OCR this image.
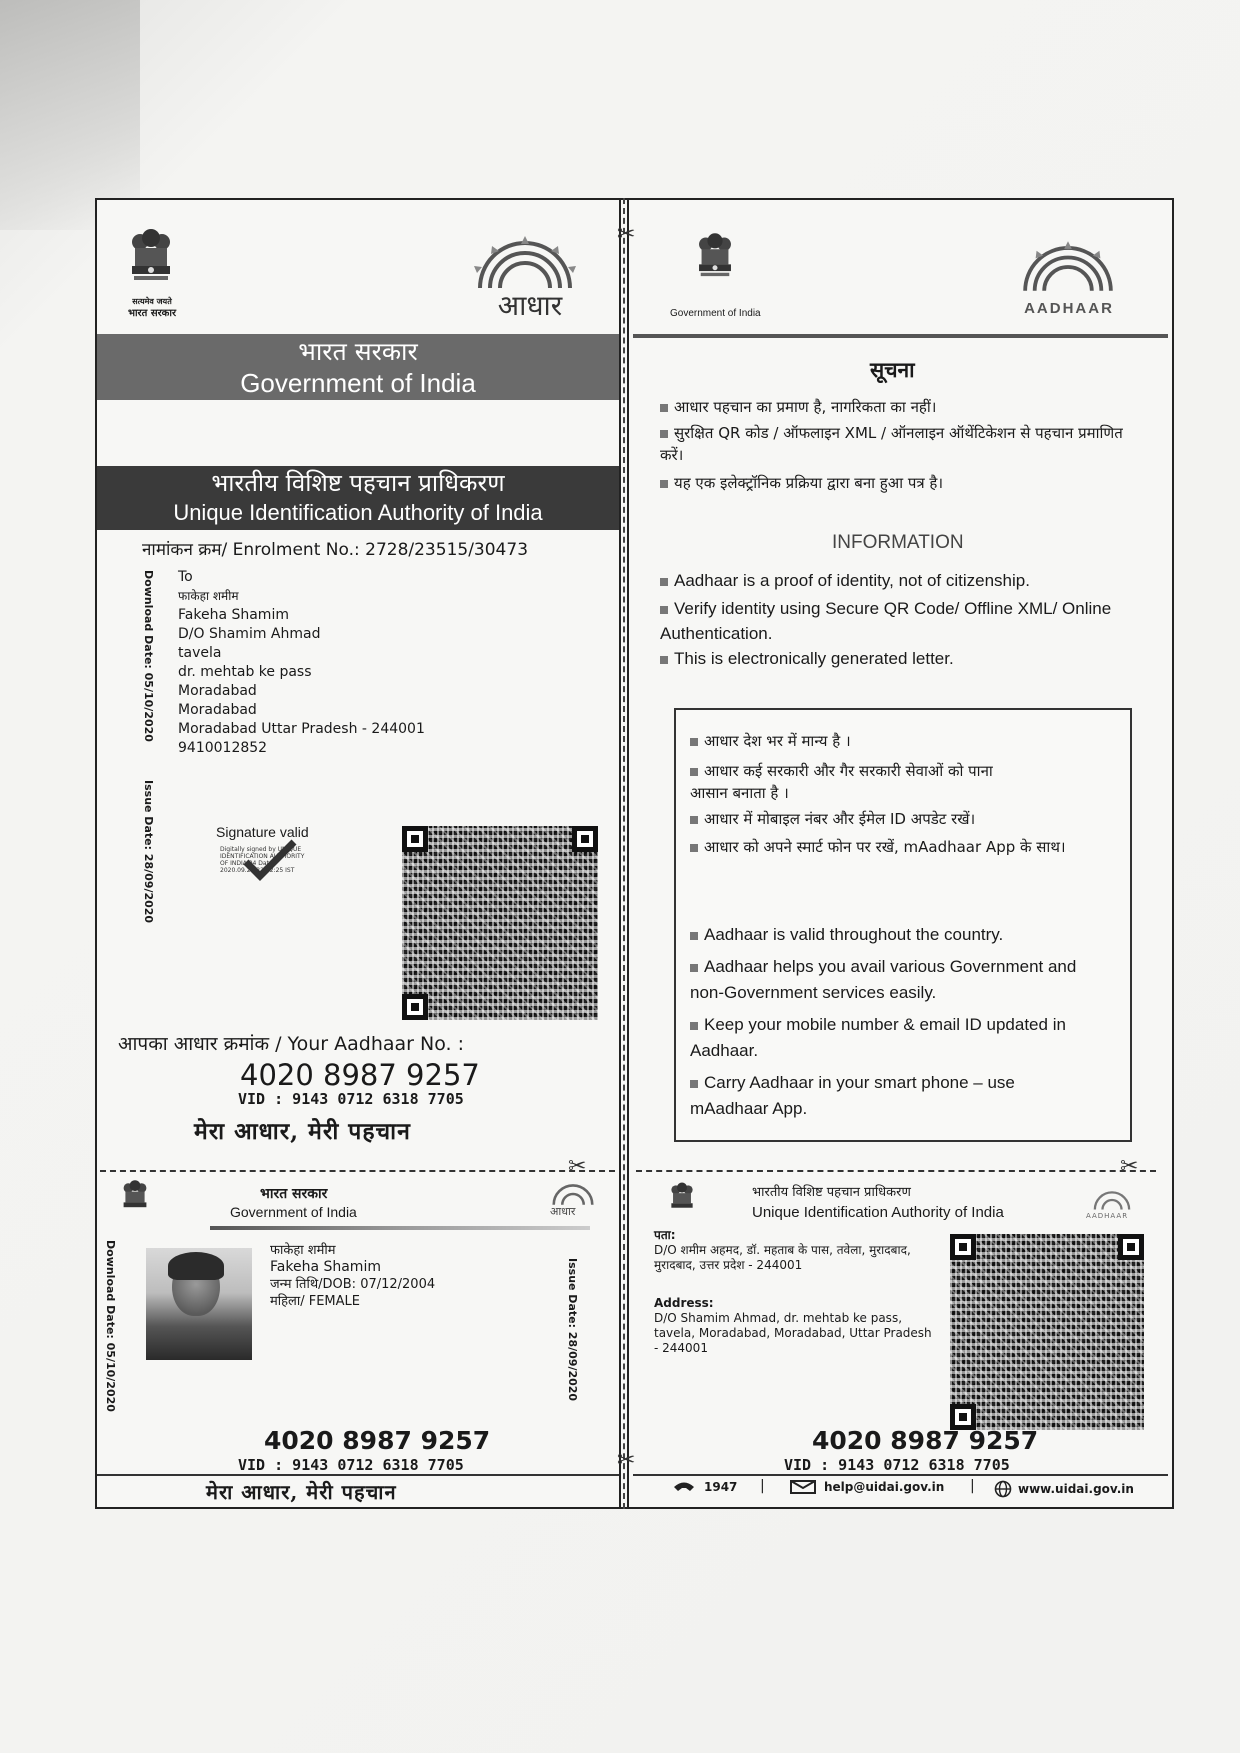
✂
✂
सत्यमेव जयते
भारत सरकार	आधार
भारत सरकार
Government of India
भारतीय विशिष्ट पहचान प्राधिकरण
Unique Identification Authority of India
नामांकन क्रम/ Enrolment No.: 2728/23515/30473
Download Date: 05/10/2020
Issue Date: 28/09/2020
To
फाकेहा शमीम
Fakeha Shamim
D/O Shamim Ahmad
tavela
dr. mehtab ke pass
Moradabad
Moradabad
Moradabad Uttar Pradesh - 244001
9410012852
Signature valid
Digitally signed by UNIQUE IDENTIFICATION AUTHORITY OF INDIA 04 Date: 2020.09.25 22:22:25 IST
आपका आधार क्रमांक / Your Aadhaar No. :
4020 8987 9257
VID : 9143 0712 6318 7705
मेरा आधार, मेरी पहचान
Government of India	AADHAAR
सूचना
आधार पहचान का प्रमाण है, नागरिकता का नहीं।
सुरक्षित QR कोड / ऑफलाइन XML / ऑनलाइन ऑथेंटिकेशन से पहचान प्रमाणित करें।
यह एक इलेक्ट्रॉनिक प्रक्रिया द्वारा बना हुआ पत्र है।
INFORMATION
Aadhaar is a proof of identity, not of citizenship.
Verify identity using Secure QR Code/ Offline XML/ Online Authentication.
This is electronically generated letter.
आधार देश भर में मान्य है ।
आधार कई सरकारी और गैर सरकारी सेवाओं को पाना आसान बनाता है ।
आधार में मोबाइल नंबर और ईमेल ID अपडेट रखें।
आधार को अपने स्मार्ट फोन पर रखें, mAadhaar App के साथ।
Aadhaar is valid throughout the country.
Aadhaar helps you avail various Government and non-Government services easily.
Keep your mobile number & email ID updated in Aadhaar.
Carry Aadhaar in your smart phone – use mAadhaar App.
✂	✂
भारत सरकार
Government of India	आधार
Download Date: 05/10/2020	Issue Date: 28/09/2020
फाकेहा शमीम
Fakeha Shamim
जन्म तिथि/DOB: 07/12/2004
महिला/ FEMALE
4020 8987 9257
VID : 9143 0712 6318 7705
मेरा आधार, मेरी पहचान
भारतीय विशिष्ट पहचान प्राधिकरण
Unique Identification Authority of India	AADHAAR
पता:
D/O शमीम अहमद, डॉ. महताब के पास, तवेला, मुरादबाद, मुरादबाद, उत्तर प्रदेश - 244001
Address:
D/O Shamim Ahmad, dr. mehtab ke pass, tavela, Moradabad, Moradabad, Uttar Pradesh - 244001
4020 8987 9257
VID : 9143 0712 6318 7705
1947 |	help@uidai.gov.in |	www.uidai.gov.in
